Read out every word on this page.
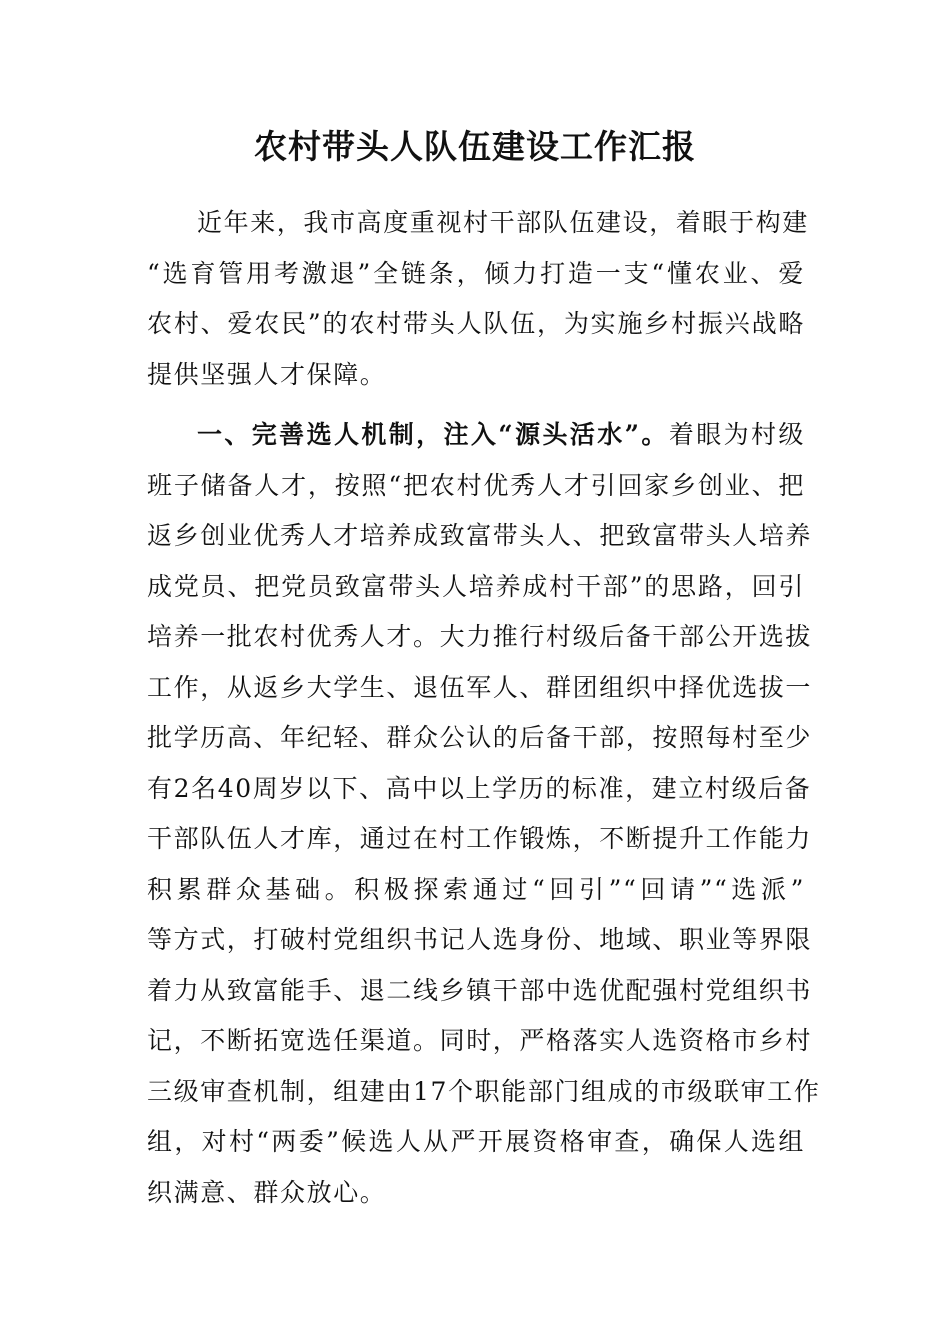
农村带头人队伍建设工作汇报
近年来，我市高度重视村干部队伍建设，着眼于构建
“选育管用考激退”全链条，倾力打造一支“懂农业、爱
农村、爱农民”的农村带头人队伍，为实施乡村振兴战略
提供坚强人才保障。
一、完善选人机制，注入“源头活水”。着眼为村级
班子储备人才，按照“把农村优秀人才引回家乡创业、把
返乡创业优秀人才培养成致富带头人、把致富带头人培养
成党员、把党员致富带头人培养成村干部”的思路，回引
培养一批农村优秀人才。大力推行村级后备干部公开选拔
工作，从返乡大学生、退伍军人、群团组织中择优选拔一
批学历高、年纪轻、群众公认的后备干部，按照每村至少
有2名40周岁以下、高中以上学历的标准，建立村级后备
干部队伍人才库，通过在村工作锻炼，不断提升工作能力
积累群众基础。积极探索通过“回引”“回请”“选派”
等方式，打破村党组织书记人选身份、地域、职业等界限
着力从致富能手、退二线乡镇干部中选优配强村党组织书
记，不断拓宽选任渠道。同时，严格落实人选资格市乡村
三级审查机制，组建由17个职能部门组成的市级联审工作
组，对村“两委”候选人从严开展资格审查，确保人选组
织满意、群众放心。
